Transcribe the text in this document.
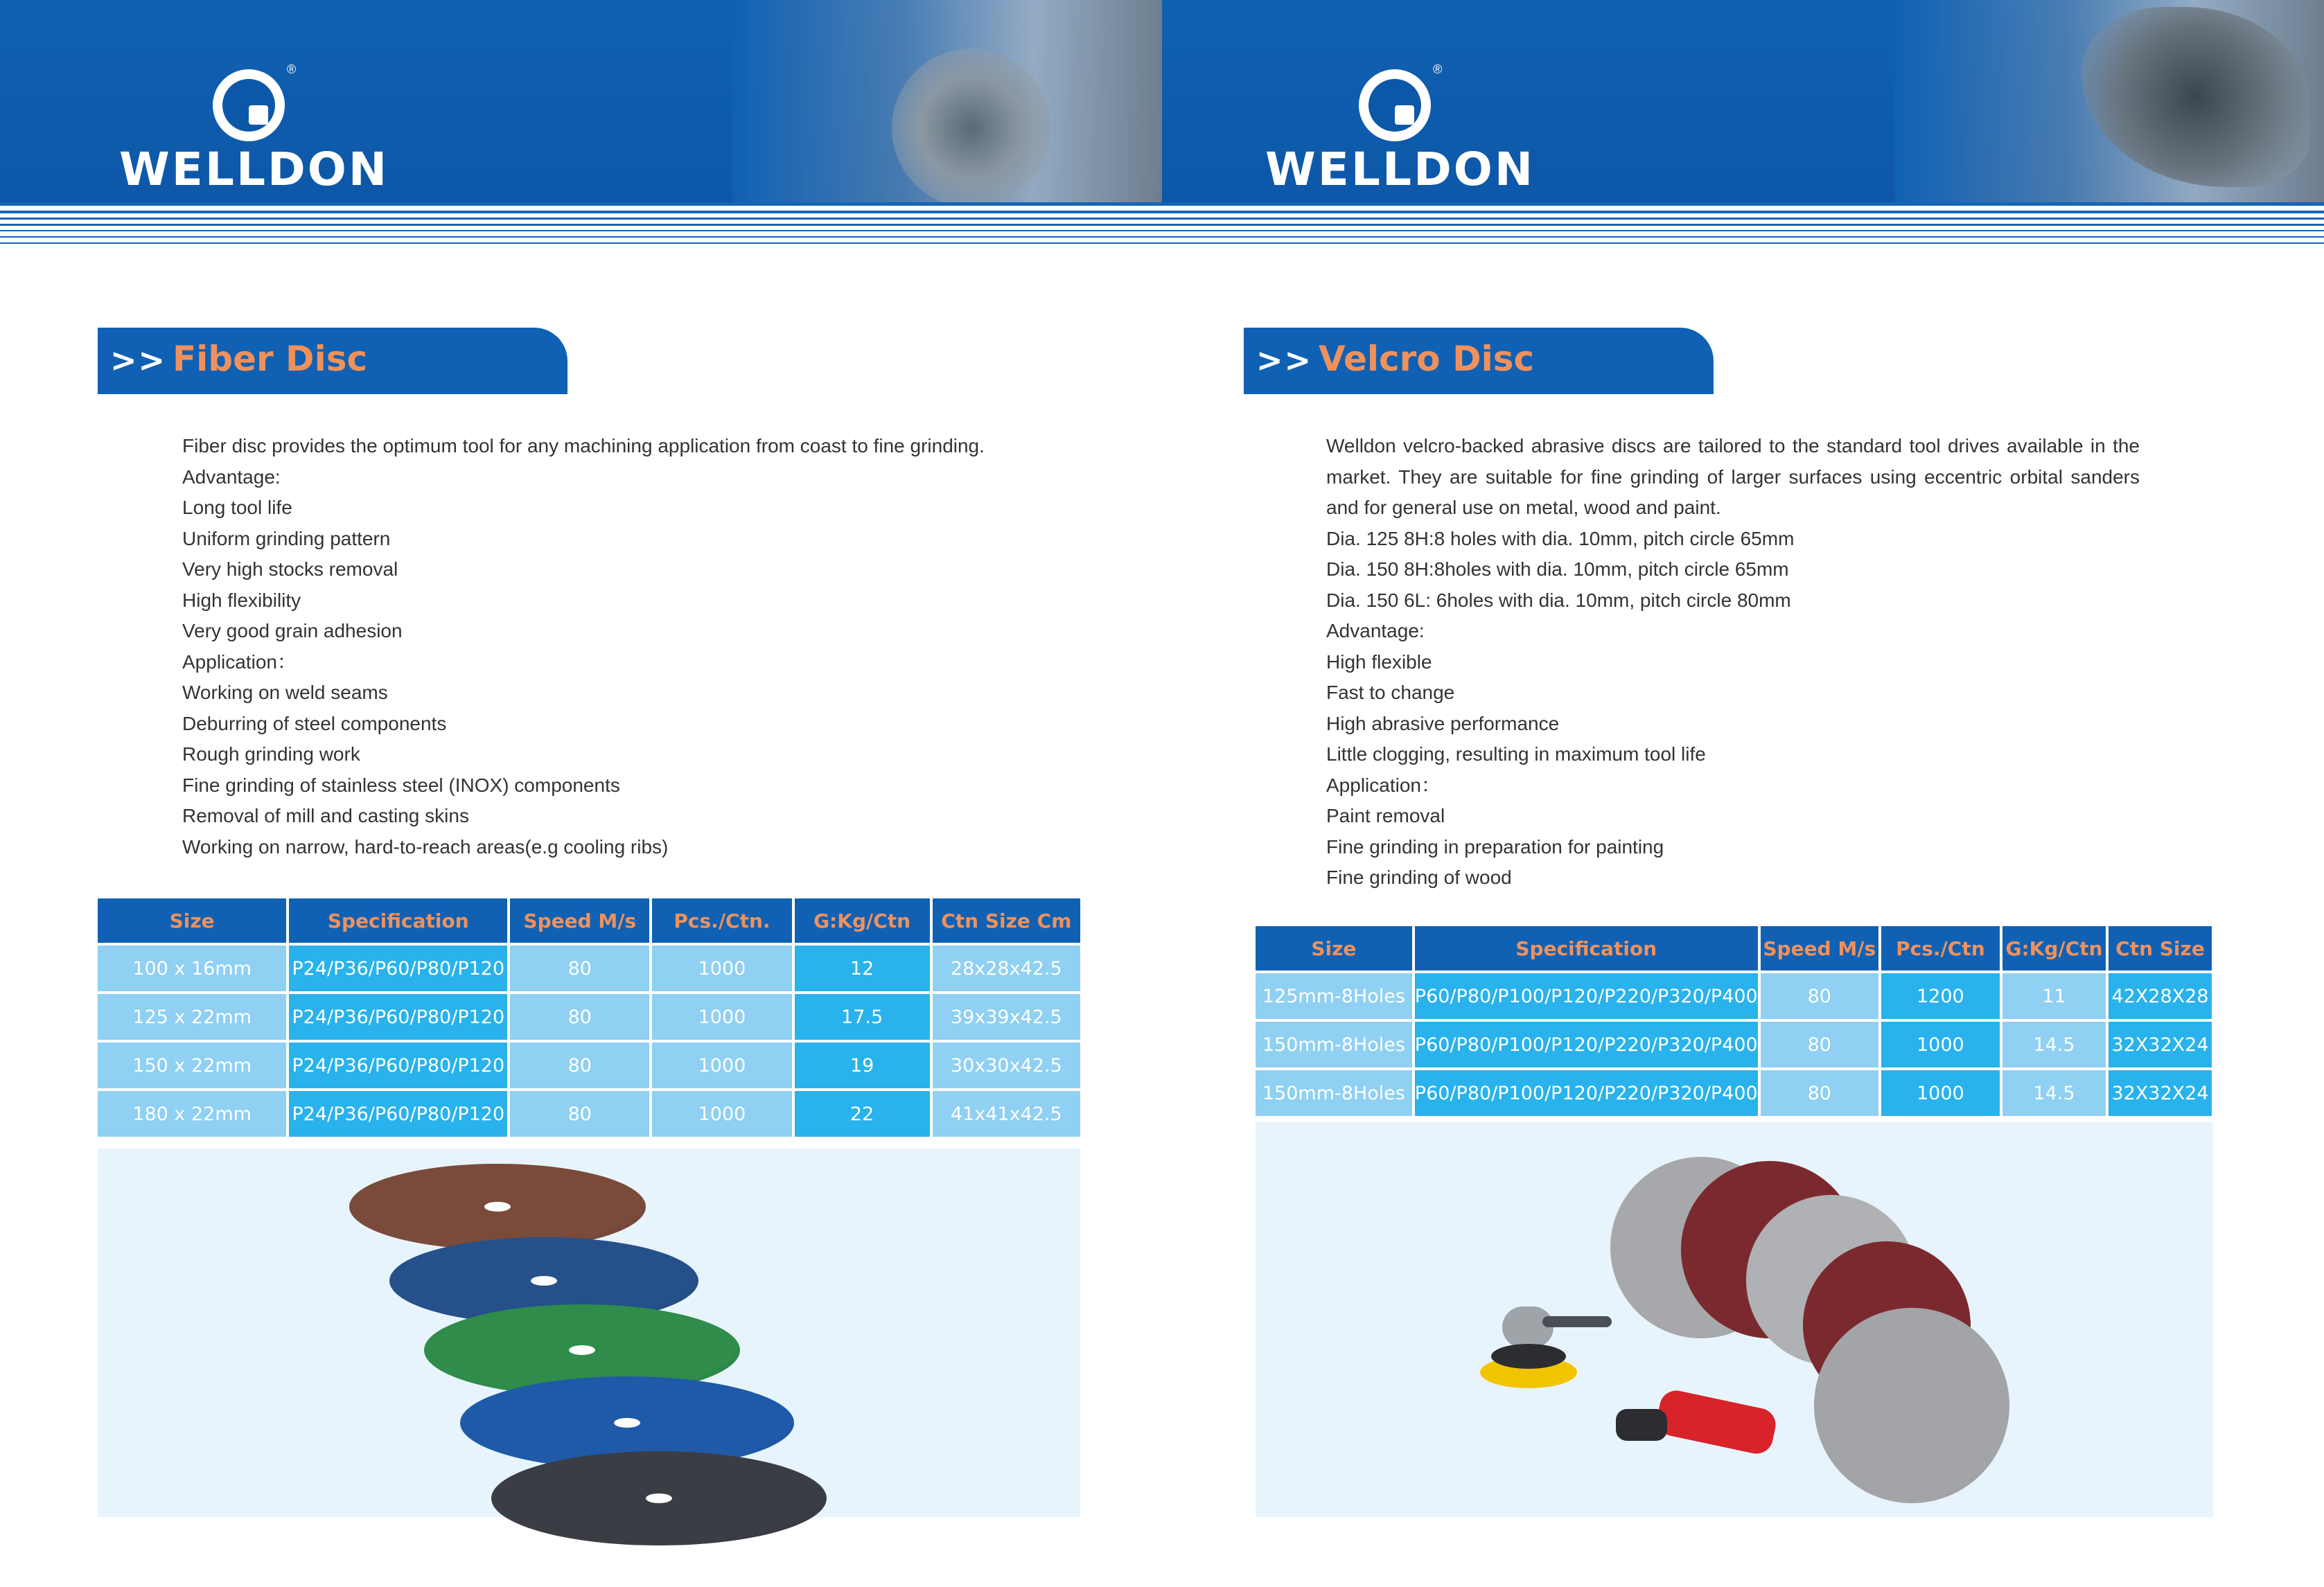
®
WELLDON
®
WELLDON
>> Fiber Disc
Fiber disc provides the optimum tool for any machining application from coast to fine grinding.
Advantage:
Long tool life
Uniform grinding pattern
Very high stocks removal
High flexibility
Very good grain adhesion
Application：
Working on weld seams
Deburring of steel components
Rough grinding work
Fine grinding of stainless steel (INOX) components
Removal of mill and casting skins
Working on narrow, hard-to-reach areas(e.g cooling ribs)
Size	Specification	Speed M/s	Pcs./Ctn.	G:Kg/Ctn	Ctn Size Cm
100 x 16mm	P24/P36/P60/P80/P120	80	1000	12	28x28x42.5
125 x 22mm	P24/P36/P60/P80/P120	80	1000	17.5	39x39x42.5
150 x 22mm	P24/P36/P60/P80/P120	80	1000	19	30x30x42.5
180 x 22mm	P24/P36/P60/P80/P120	80	1000	22	41x41x42.5
>> Velcro Disc
Welldon velcro-backed abrasive discs are tailored to the standard tool drives available in the market. They are suitable for fine grinding of larger surfaces using eccentric orbital sanders and for general use on metal, wood and paint.
Dia. 125 8H:8 holes with dia. 10mm, pitch circle 65mm
Dia. 150 8H:8holes with dia. 10mm, pitch circle 65mm
Dia. 150 6L: 6holes with dia. 10mm, pitch circle 80mm
Advantage:
High flexible
Fast to change
High abrasive performance
Little clogging, resulting in maximum tool life
Application：
Paint removal
Fine grinding in preparation for painting
Fine grinding of wood
Size	Specification	Speed M/s	Pcs./Ctn	G:Kg/Ctn	Ctn Size
125mm-8Holes	P60/P80/P100/P120/P220/P320/P400	80	1200	11	42X28X28
150mm-8Holes	P60/P80/P100/P120/P220/P320/P400	80	1000	14.5	32X32X24
150mm-8Holes	P60/P80/P100/P120/P220/P320/P400	80	1000	14.5	32X32X24
